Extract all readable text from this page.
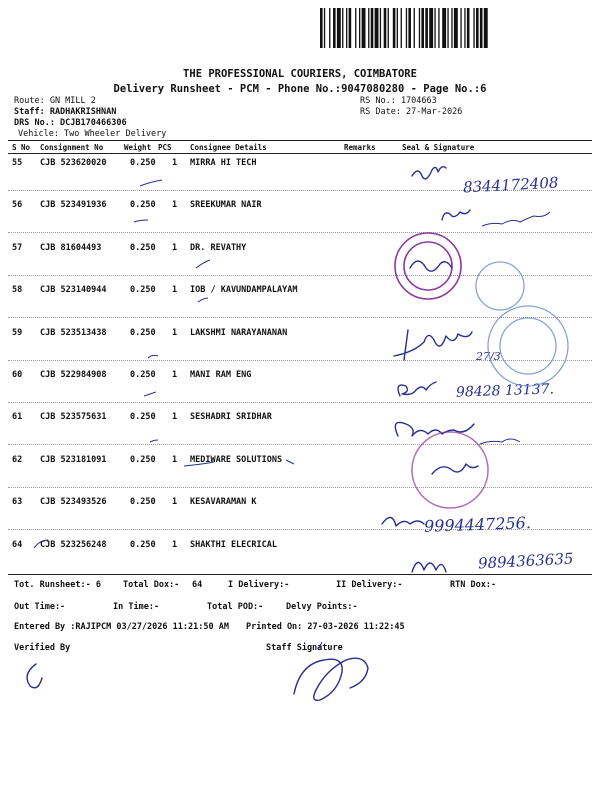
THE PROFESSIONAL COURIERS, COIMBATORE
Delivery Runsheet - PCM - Phone No.:9047080280 - Page No.:6
Route: GN MILL 2
Staff: RADHAKRISHNAN
DRS No.: DCJB170466306
Vehicle: Two Wheeler Delivery
RS No.: 1704663
RS Date: 27-Mar-2026
S No Consignment No	Weight PCS Consignee Details	Remarks	Seal & Signature
55 CJB 523620020	0.250 1 MIRRA HI TECH
56 CJB 523491936	0.250 1 SREEKUMAR NAIR
57 CJB 81604493	0.250 1 DR. REVATHY
58 CJB 523140944	0.250 1 IOB / KAVUNDAMPALAYAM
59 CJB 523513438	0.250 1 LAKSHMI NARAYANANAN
60 CJB 522984908	0.250 1 MANI RAM ENG
61 CJB 523575631	0.250 1 SESHADRI SRIDHAR
62 CJB 523181091	0.250 1 MEDIWARE SOLUTIONS
63 CJB 523493526	0.250 1 KESAVARAMAN K
64 CJB 523256248	0.250 1 SHAKTHI ELECRICAL
Tot. Runsheet:- 6	Total Dox:- 64	I Delivery:-	II Delivery:-	RTN Dox:-
Out Time:-	In Time:-	Total POD:-	Delvy Points:-
Entered By :RAJIPCM 03/27/2026 11:21:50 AM Printed On: 27-03-2026 11:22:45
Verified By	Staff Signature
8344172408
98428 13137.
9994447256.
9894363635
27/3
